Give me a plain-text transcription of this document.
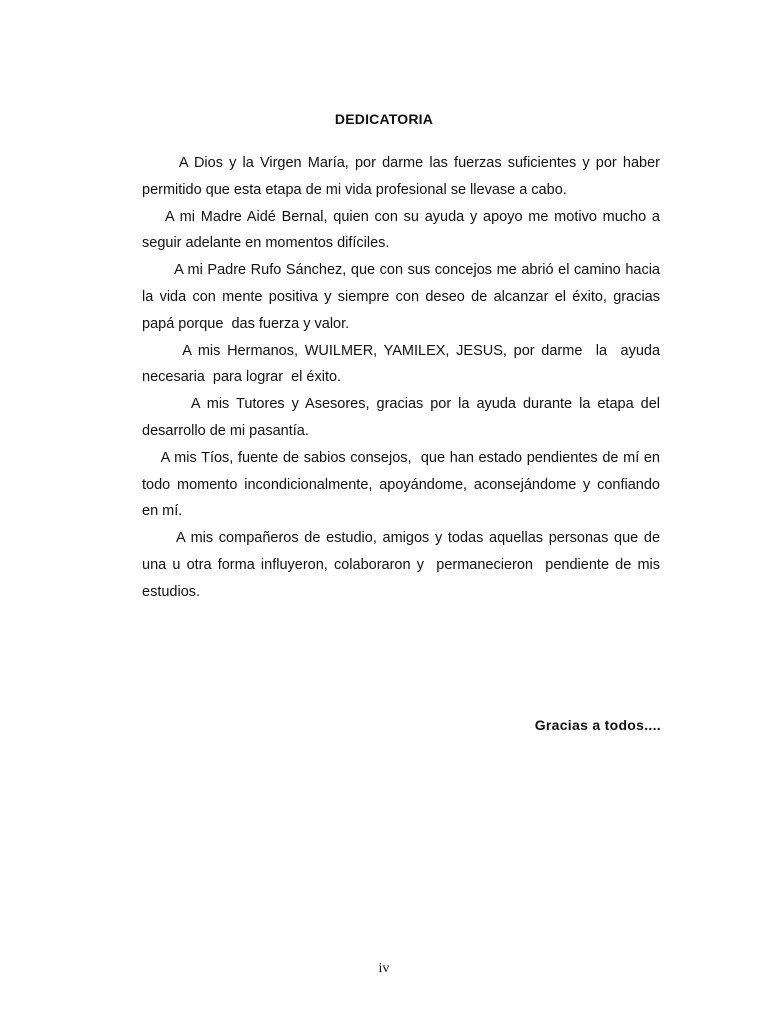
DEDICATORIA

A Dios y la Virgen María, por darme las fuerzas suficientes y por haber permitido que esta etapa de mi vida profesional se llevase a cabo.

A mi Madre Aidé Bernal, quien con su ayuda y apoyo me motivo mucho a seguir adelante en momentos difíciles.

A mi Padre Rufo Sánchez, que con sus concejos me abrió el camino hacia la vida con mente positiva y siempre con deseo de alcanzar el éxito, gracias papá porque  das fuerza y valor.

A mis Hermanos, WUILMER, YAMILEX, JESUS, por darme  la  ayuda necesaria  para lograr  el éxito.

A mis Tutores y Asesores, gracias por la ayuda durante la etapa del desarrollo de mi pasantía.

A mis Tíos, fuente de sabios consejos,  que han estado pendientes de mí en todo momento incondicionalmente, apoyándome, aconsejándome y confiando en mí.

A mis compañeros de estudio, amigos y todas aquellas personas que de una u otra forma influyeron, colaboraron y  permanecieron  pendiente de mis estudios.

Gracias a todos....
iv
